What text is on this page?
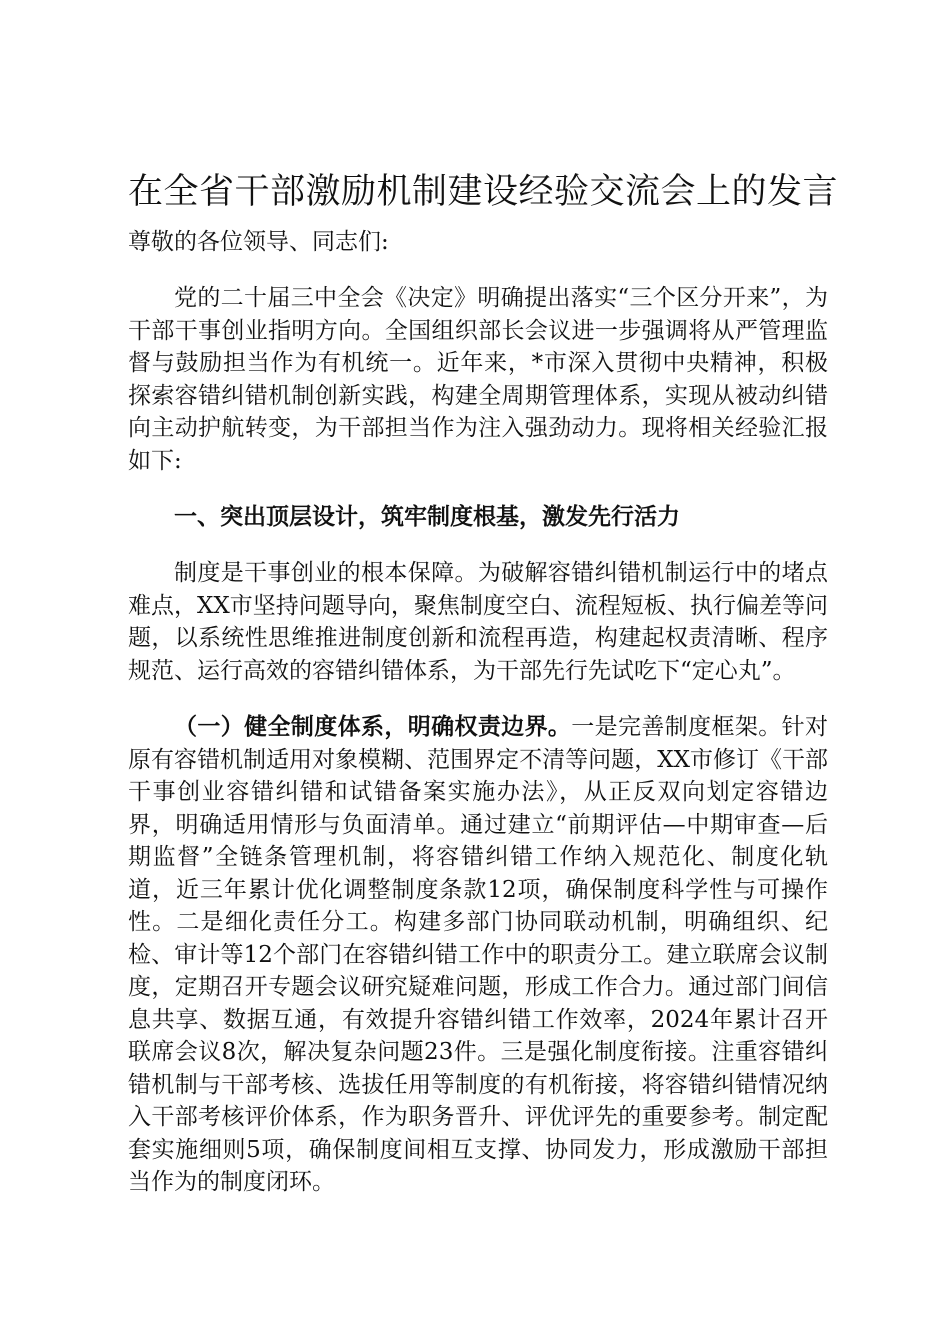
在全省干部激励机制建设经验交流会上的发言
尊敬的各位领导、同志们:

党的二十届三中全会《决定》明确提出落实“三个区分开来”，为干部干事创业指明方向。全国组织部长会议进一步强调将从严管理监督与鼓励担当作为有机统一。近年来，*市深入贯彻中央精神，积极探索容错纠错机制创新实践，构建全周期管理体系，实现从被动纠错向主动护航转变，为干部担当作为注入强劲动力。现将相关经验汇报如下:

一、突出顶层设计，筑牢制度根基，激发先行活力

制度是干事创业的根本保障。为破解容错纠错机制运行中的堵点难点，XX市坚持问题导向，聚焦制度空白、流程短板、执行偏差等问题，以系统性思维推进制度创新和流程再造，构建起权责清晰、程序规范、运行高效的容错纠错体系，为干部先行先试吃下“定心丸”。

（一）健全制度体系，明确权责边界。一是完善制度框架。针对原有容错机制适用对象模糊、范围界定不清等问题，XX市修订《干部干事创业容错纠错和试错备案实施办法》，从正反双向划定容错边界，明确适用情形与负面清单。通过建立“前期评估—中期审查—后期监督”全链条管理机制，将容错纠错工作纳入规范化、制度化轨道，近三年累计优化调整制度条款12项，确保制度科学性与可操作性。二是细化责任分工。构建多部门协同联动机制，明确组织、纪检、审计等12个部门在容错纠错工作中的职责分工。建立联席会议制度，定期召开专题会议研究疑难问题，形成工作合力。通过部门间信息共享、数据互通，有效提升容错纠错工作效率，2024年累计召开联席会议8次，解决复杂问题23件。三是强化制度衔接。注重容错纠错机制与干部考核、选拔任用等制度的有机衔接，将容错纠错情况纳入干部考核评价体系，作为职务晋升、评优评先的重要参考。制定配套实施细则5项，确保制度间相互支撑、协同发力，形成激励干部担当作为的制度闭环。
